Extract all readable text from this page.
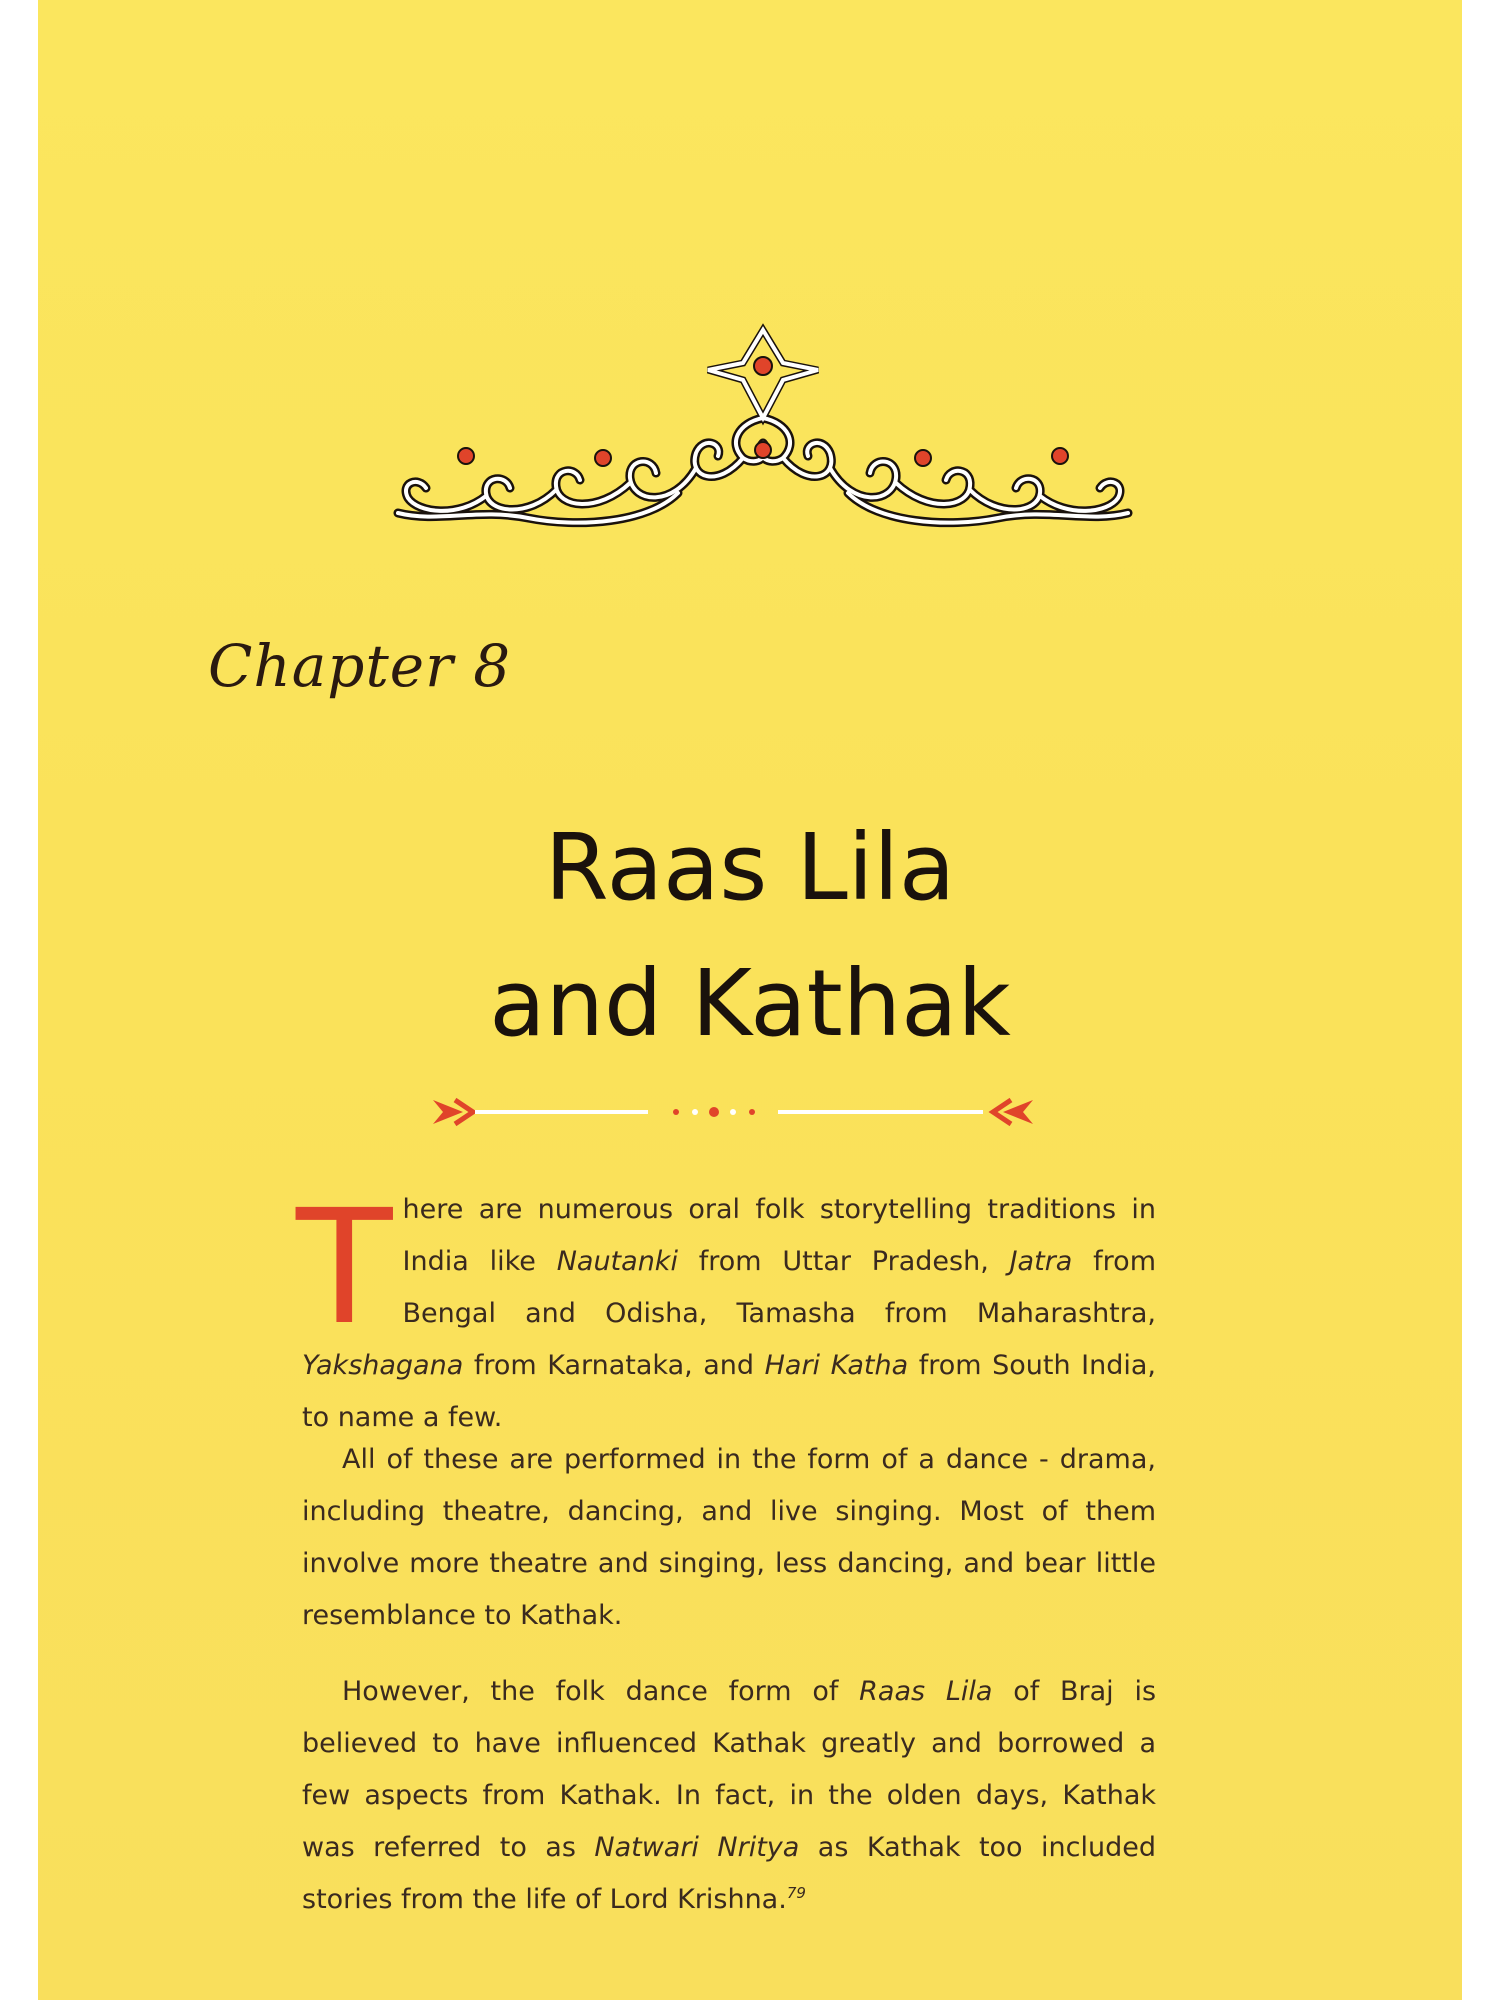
Chapter 8
Raas Lila
and Kathak
There are numerous oral folk storytelling traditions in India like Nautanki from Uttar Pradesh, Jatra from Bengal and Odisha, Tamasha from Maharashtra, Yakshagana from Karnataka, and Hari Katha from South India, to name a few.
All of these are performed in the form of a dance - drama, including theatre, dancing, and live singing. Most of them involve more theatre and singing, less dancing, and bear little resemblance to Kathak.
However, the folk dance form of Raas Lila of Braj is believed to have influenced Kathak greatly and borrowed a few aspects from Kathak. In fact, in the olden days, Kathak was referred to as Natwari Nritya as Kathak too included stories from the life of Lord Krishna.$^{79}$
